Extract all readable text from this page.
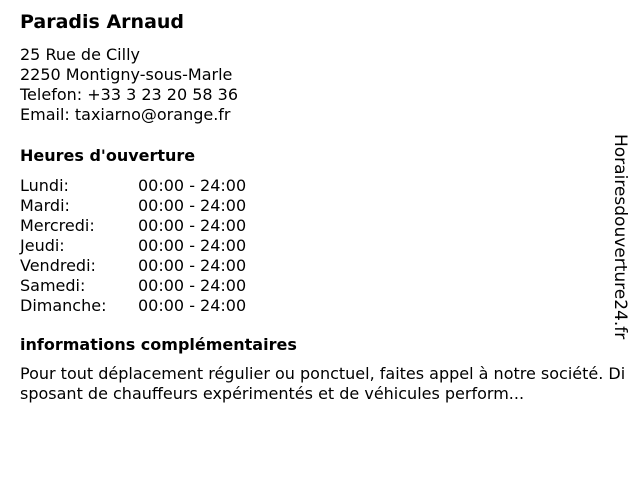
Paradis Arnaud
25 Rue de Cilly
2250 Montigny-sous-Marle
Telefon: +33 3 23 20 58 36
Email: taxiarno@orange.fr
Heures d'ouverture
Lundi:	00:00 - 24:00
Mardi:	00:00 - 24:00
Mercredi:	00:00 - 24:00
Jeudi:	00:00 - 24:00
Vendredi:	00:00 - 24:00
Samedi:	00:00 - 24:00
Dimanche: 00:00 - 24:00
informations complémentaires
Pour tout déplacement régulier ou ponctuel, faites appel à notre société. Disposant de chauffeurs expérimentés et de véhicules perform...
Horairesdouverture24.fr
